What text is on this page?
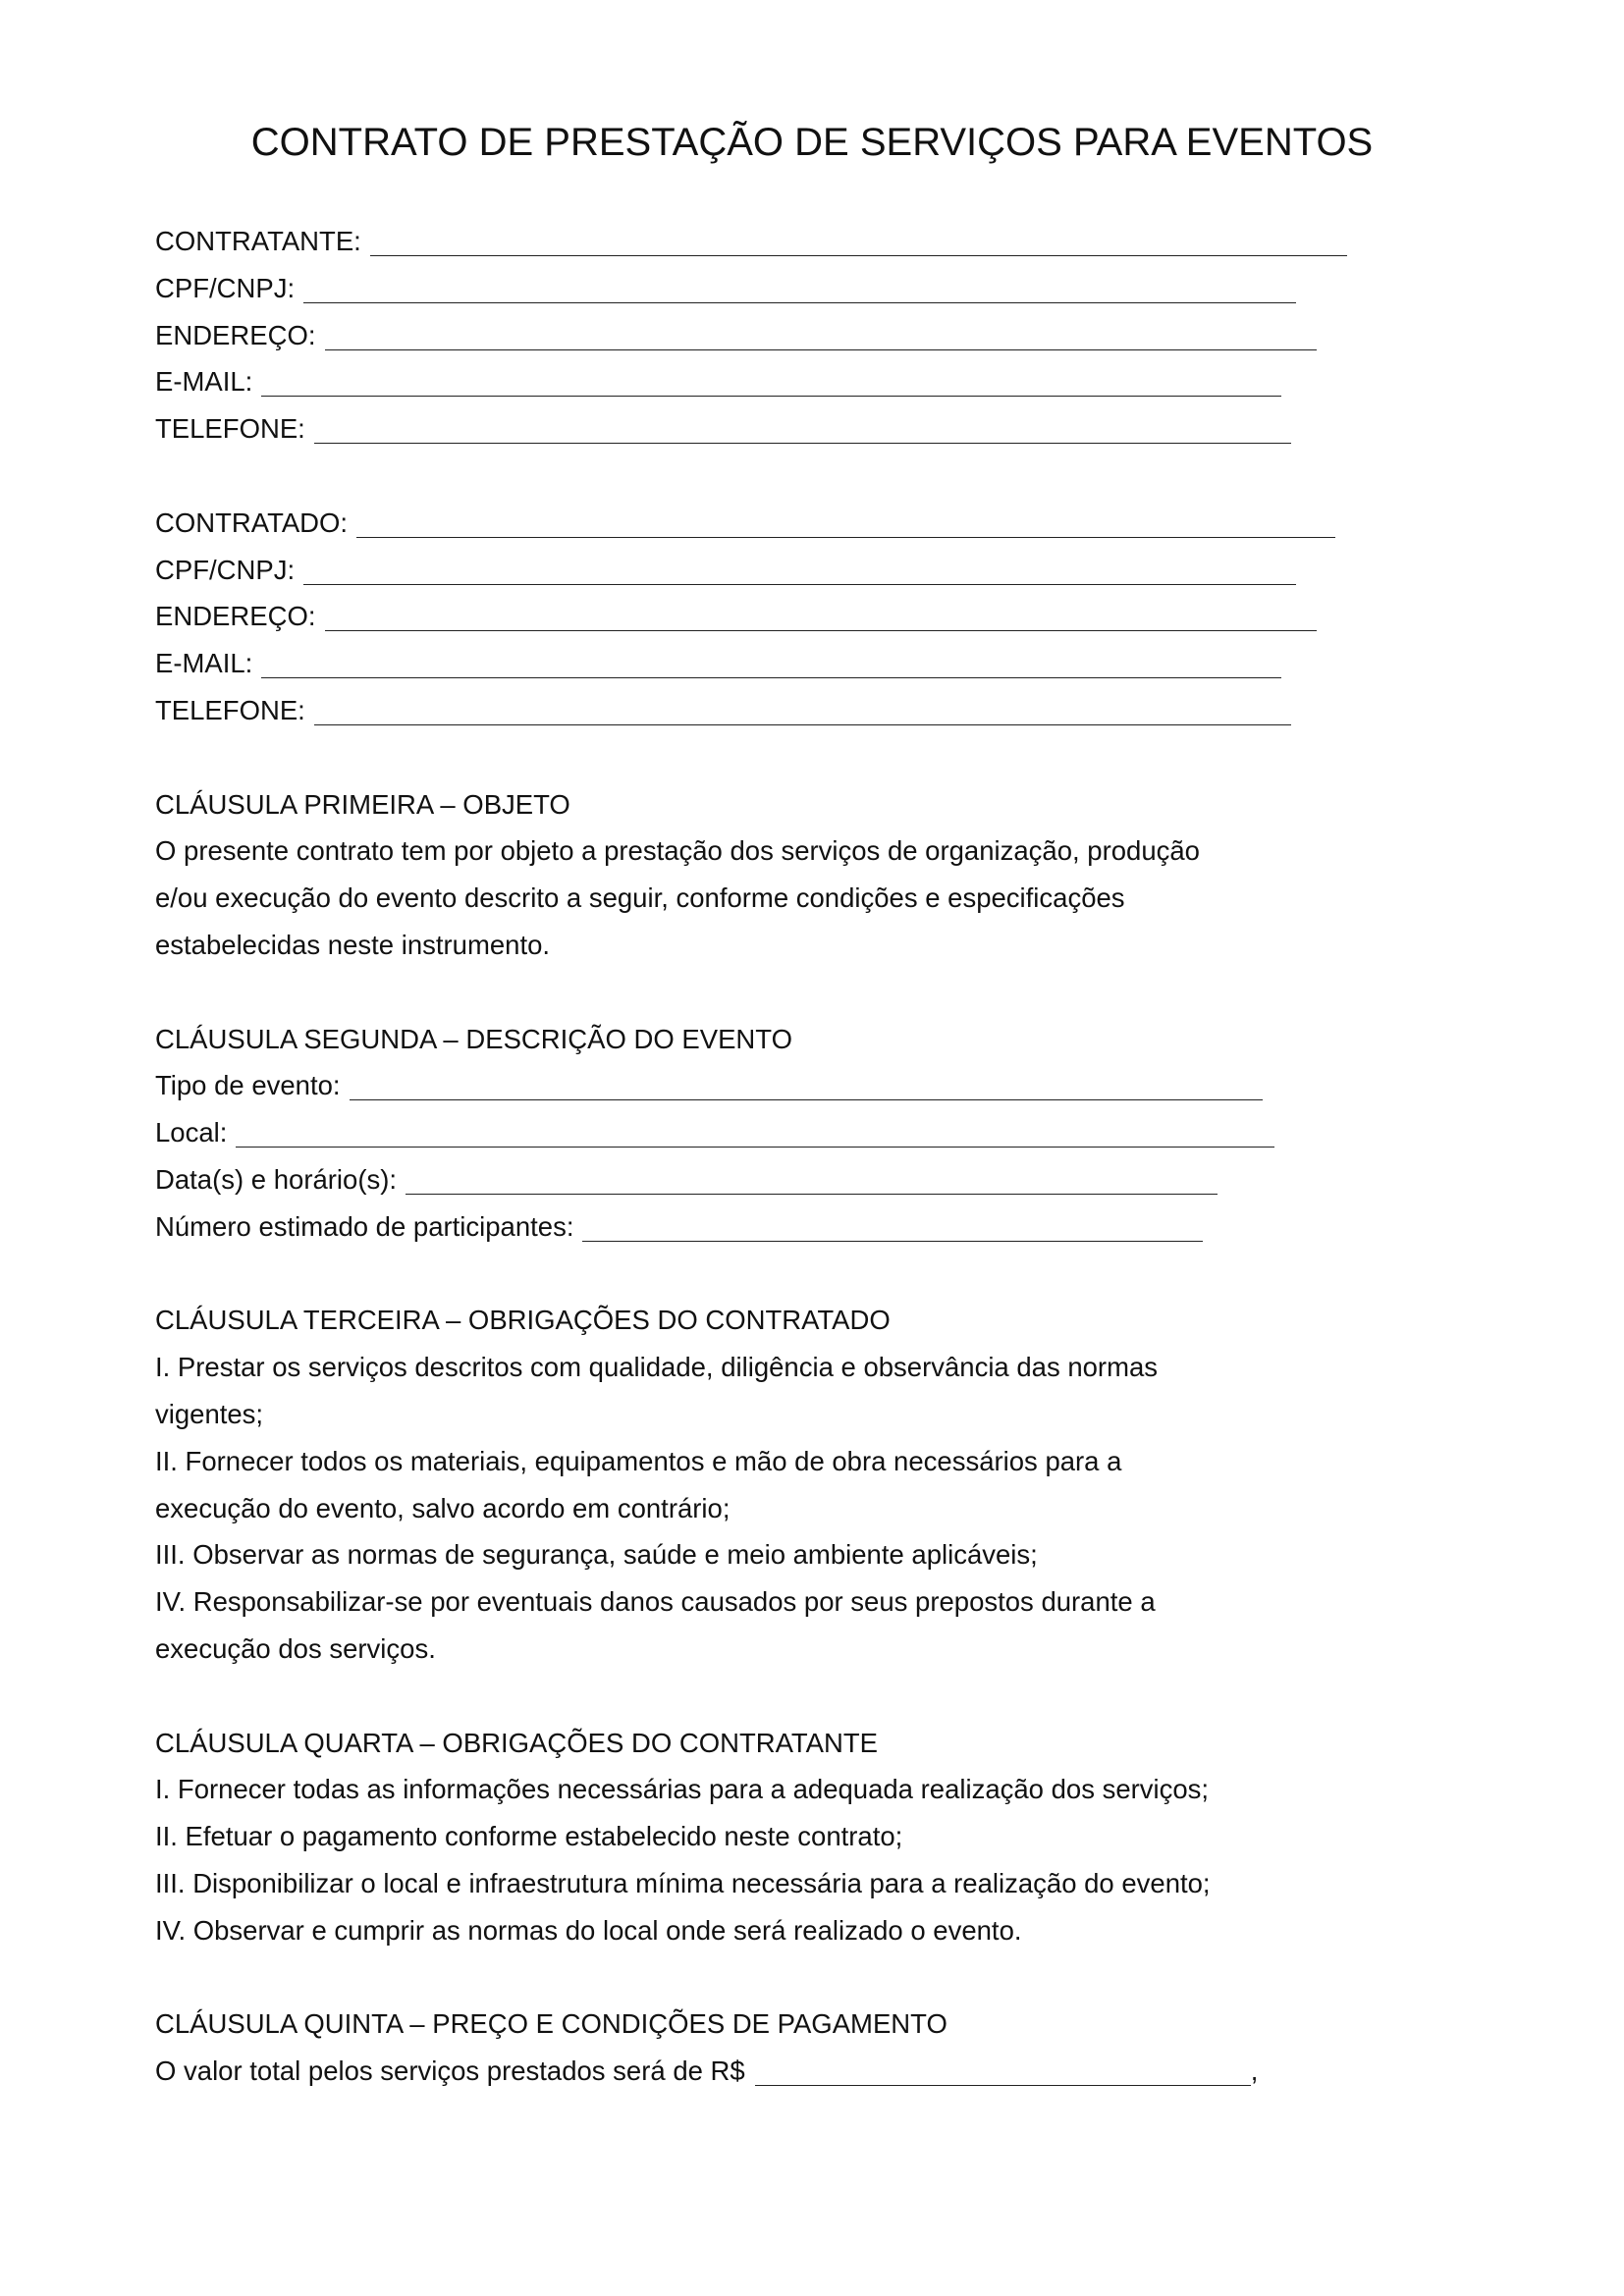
CONTRATO DE PRESTAÇÃO DE SERVIÇOS PARA EVENTOS
CONTRATANTE:
CPF/CNPJ:
ENDEREÇO:
E-MAIL:
TELEFONE:
CONTRATADO:
CPF/CNPJ:
ENDEREÇO:
E-MAIL:
TELEFONE:
CLÁUSULA PRIMEIRA – OBJETO

O presente contrato tem por objeto a prestação dos serviços de organização, produção e/ou execução do evento descrito a seguir, conforme condições e especificações estabelecidas neste instrumento.

CLÁUSULA SEGUNDA – DESCRIÇÃO DO EVENTO
Tipo de evento:
Local:
Data(s) e horário(s):
Número estimado de participantes:
CLÁUSULA TERCEIRA – OBRIGAÇÕES DO CONTRATADO

I. Prestar os serviços descritos com qualidade, diligência e observância das normas vigentes;

II. Fornecer todos os materiais, equipamentos e mão de obra necessários para a execução do evento, salvo acordo em contrário;

III. Observar as normas de segurança, saúde e meio ambiente aplicáveis;

IV. Responsabilizar-se por eventuais danos causados por seus prepostos durante a execução dos serviços.

CLÁUSULA QUARTA – OBRIGAÇÕES DO CONTRATANTE

I. Fornecer todas as informações necessárias para a adequada realização dos serviços;

II. Efetuar o pagamento conforme estabelecido neste contrato;

III. Disponibilizar o local e infraestrutura mínima necessária para a realização do evento;

IV. Observar e cumprir as normas do local onde será realizado o evento.

CLÁUSULA QUINTA – PREÇO E CONDIÇÕES DE PAGAMENTO
O valor total pelos serviços prestados será de R$	,
